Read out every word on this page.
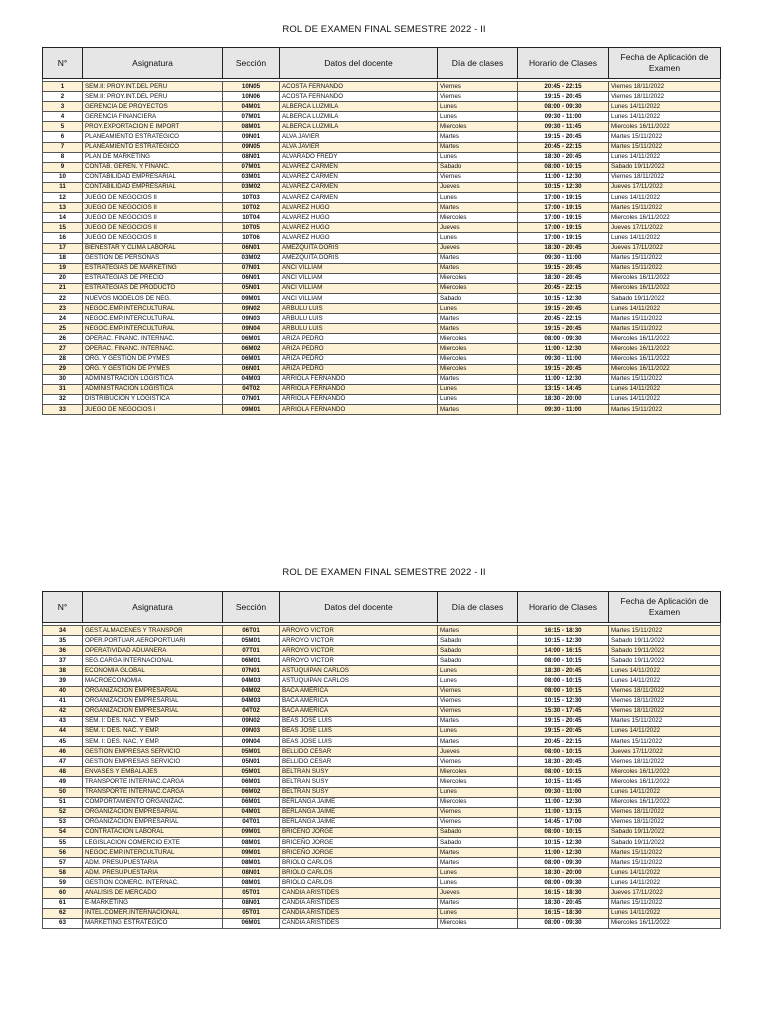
ROL DE EXAMEN FINAL SEMESTRE 2022 - II
N°	Asignatura	Sección	Datos del docente	Día de clases	Horario de Clases	Fecha de Aplicación de Examen

1	SEM.II: PROY.INT.DEL PERU	10N05	ACOSTA FERNANDO	Viernes	20:45 - 22:15	Viernes 18/11/2022
2	SEM.II: PROY.INT.DEL PERU	10N06	ACOSTA FERNANDO	Viernes	19:15 - 20:45	Viernes 18/11/2022
3	GERENCIA DE PROYECTOS	04M01	ALBERCA LUZMILA	Lunes	08:00 - 09:30	Lunes 14/11/2022
4	GERENCIA FINANCIERA	07M01	ALBERCA LUZMILA	Lunes	09:30 - 11:00	Lunes 14/11/2022
5	PROY.EXPORTACION E IMPORT	08M01	ALBERCA LUZMILA	Miercoles	09:30 - 11:45	Miercoles 16/11/2022
6	PLANEAMIENTO ESTRATEGICO	09N01	ALVA JAVIER	Martes	19:15 - 20:45	Martes 15/11/2022
7	PLANEAMIENTO ESTRATEGICO	09N05	ALVA JAVIER	Martes	20:45 - 22:15	Martes 15/11/2022
8	PLAN DE MARKETING	08N01	ALVARADO FREDY	Lunes	18:30 - 20:45	Lunes 14/11/2022
9	CONTAB. GEREN. Y FINANC.	07M01	ALVAREZ CARMEN	Sabado	08:00 - 10:15	Sabado 19/11/2022
10	CONTABILIDAD EMPRESARIAL	03M01	ALVAREZ CARMEN	Viernes	11:00 - 12:30	Viernes 18/11/2022
11	CONTABILIDAD EMPRESARIAL	03M02	ALVAREZ CARMEN	Jueves	10:15 - 12:30	Jueves 17/11/2022
12	JUEGO DE NEGOCIOS II	10T03	ALVAREZ CARMEN	Lunes	17:00 - 19:15	Lunes 14/11/2022
13	JUEGO DE NEGOCIOS II	10T02	ALVAREZ HUGO	Martes	17:00 - 19:15	Martes 15/11/2022
14	JUEGO DE NEGOCIOS II	10T04	ALVAREZ HUGO	Miercoles	17:00 - 19:15	Miercoles 16/11/2022
15	JUEGO DE NEGOCIOS II	10T05	ALVAREZ HUGO	Jueves	17:00 - 19:15	Jueves 17/11/2022
16	JUEGO DE NEGOCIOS II	10T06	ALVAREZ HUGO	Lunes	17:00 - 19:15	Lunes 14/11/2022
17	BIENESTAR Y CLIMA LABORAL	06N01	AMEZQUITA DORIS	Jueves	18:30 - 20:45	Jueves 17/11/2022
18	GESTION DE PERSONAS	03M02	AMEZQUITA DORIS	Martes	09:30 - 11:00	Martes 15/11/2022
19	ESTRATEGIAS DE MARKETING	07N01	ANCI VILLIAM	Martes	19:15 - 20:45	Martes 15/11/2022
20	ESTRATEGIAS DE PRECIO	06N01	ANCI VILLIAM	Miercoles	18:30 - 20:45	Miercoles 16/11/2022
21	ESTRATEGIAS DE PRODUCTO	05N01	ANCI VILLIAM	Miercoles	20:45 - 22:15	Miercoles 16/11/2022
22	NUEVOS MODELOS DE NEG.	09M01	ANCI VILLIAM	Sabado	10:15 - 12:30	Sabado 19/11/2022
23	NEGOC.EMP.INTERCULTURAL	09N02	ARBULU LUIS	Lunes	19:15 - 20:45	Lunes 14/11/2022
24	NEGOC.EMP.INTERCULTURAL	09N03	ARBULU LUIS	Martes	20:45 - 22:15	Martes 15/11/2022
25	NEGOC.EMP.INTERCULTURAL	09N04	ARBULU LUIS	Martes	19:15 - 20:45	Martes 15/11/2022
26	OPERAC. FINANC. INTERNAC.	06M01	ARIZA PEDRO	Miercoles	08:00 - 09:30	Miercoles 16/11/2022
27	OPERAC. FINANC. INTERNAC.	06M02	ARIZA PEDRO	Miercoles	11:00 - 12:30	Miercoles 16/11/2022
28	ORG. Y GESTION DE PYMES	06M01	ARIZA PEDRO	Miercoles	09:30 - 11:00	Miercoles 16/11/2022
29	ORG. Y GESTION DE PYMES	06N01	ARIZA PEDRO	Miercoles	19:15 - 20:45	Miercoles 16/11/2022
30	ADMINISTRACION LOGISTICA	04M03	ARRIOLA FERNANDO	Martes	11:00 - 12:30	Martes 15/11/2022
31	ADMINISTRACION LOGISTICA	04T02	ARRIOLA FERNANDO	Lunes	13:15 - 14:45	Lunes 14/11/2022
32	DISTRIBUCION Y LOGISTICA	07N01	ARRIOLA FERNANDO	Lunes	18:30 - 20:00	Lunes 14/11/2022
33	JUEGO DE NEGOCIOS I	09M01	ARRIOLA FERNANDO	Martes	09:30 - 11:00	Martes 15/11/2022
ROL DE EXAMEN FINAL SEMESTRE 2022 - II
N°	Asignatura	Sección	Datos del docente	Día de clases	Horario de Clases	Fecha de Aplicación de Examen

34	GEST.ALMACENES Y TRANSPOR	06T01	ARROYO VICTOR	Martes	16:15 - 18:30	Martes 15/11/2022
35	OPER.PORTUAR.AEROPORTUARI	05M01	ARROYO VICTOR	Sabado	10:15 - 12:30	Sabado 19/11/2022
36	OPERATIVIDAD ADUANERA	07T01	ARROYO VICTOR	Sabado	14:00 - 16:15	Sabado 19/11/2022
37	SEG.CARGA INTERNACIONAL	06M01	ARROYO VICTOR	Sabado	08:00 - 10:15	Sabado 19/11/2022
38	ECONOMIA GLOBAL	07N01	ASTUQUIPAN CARLOS	Lunes	18:30 - 20:45	Lunes 14/11/2022
39	MACROECONOMIA	04M03	ASTUQUIPAN CARLOS	Lunes	08:00 - 10:15	Lunes 14/11/2022
40	ORGANIZACION EMPRESARIAL	04M02	BACA AMERICA	Viernes	08:00 - 10:15	Viernes 18/11/2022
41	ORGANIZACION EMPRESARIAL	04M03	BACA AMERICA	Viernes	10:15 - 12:30	Viernes 18/11/2022
42	ORGANIZACION EMPRESARIAL	04T02	BACA AMERICA	Viernes	15:30 - 17:45	Viernes 18/11/2022
43	SEM. I: DES. NAC. Y EMP.	09N02	BEAS JOSE LUIS	Martes	19:15 - 20:45	Martes 15/11/2022
44	SEM. I: DES. NAC. Y EMP.	09N03	BEAS JOSE LUIS	Lunes	19:15 - 20:45	Lunes 14/11/2022
45	SEM. I: DES. NAC. Y EMP.	09N04	BEAS JOSE LUIS	Martes	20:45 - 22:15	Martes 15/11/2022
46	GESTION EMPRESAS SERVICIO	05M01	BELLIDO CESAR	Jueves	08:00 - 10:15	Jueves 17/11/2022
47	GESTION EMPRESAS SERVICIO	05N01	BELLIDO CESAR	Viernes	18:30 - 20:45	Viernes 18/11/2022
48	ENVASES Y EMBALAJES	05M01	BELTRAN SUSY	Miercoles	08:00 - 10:15	Miercoles 16/11/2022
49	TRANSPORTE INTERNAC.CARGA	06M01	BELTRAN SUSY	Miercoles	10:15 - 11:45	Miercoles 16/11/2022
50	TRANSPORTE INTERNAC.CARGA	06M02	BELTRAN SUSY	Lunes	09:30 - 11:00	Lunes 14/11/2022
51	COMPORTAMIENTO ORGANIZAC.	06M01	BERLANGA JAIME	Miercoles	11:00 - 12:30	Miercoles 16/11/2022
52	ORGANIZACION EMPRESARIAL	04M01	BERLANGA JAIME	Viernes	11:00 - 13:15	Viernes 18/11/2022
53	ORGANIZACION EMPRESARIAL	04T01	BERLANGA JAIME	Viernes	14:45 - 17:00	Viernes 18/11/2022
54	CONTRATACION LABORAL	09M01	BRICEÑO JORGE	Sabado	08:00 - 10:15	Sabado 19/11/2022
55	LEGISLACION COMERCIO EXTE	08M01	BRICEÑO JORGE	Sabado	10:15 - 12:30	Sabado 19/11/2022
56	NEGOC.EMP.INTERCULTURAL	09M01	BRICEÑO JORGE	Martes	11:00 - 12:30	Martes 15/11/2022
57	ADM. PRESUPUESTARIA	08M01	BRIOLO CARLOS	Martes	08:00 - 09:30	Martes 15/11/2022
58	ADM. PRESUPUESTARIA	08N01	BRIOLO CARLOS	Lunes	18:30 - 20:00	Lunes 14/11/2022
59	GESTION COMERC. INTERNAC.	08M01	BRIOLO CARLOS	Lunes	08:00 - 09:30	Lunes 14/11/2022
60	ANALISIS DE MERCADO	05T01	CANDIA ARISTIDES	Jueves	16:15 - 18:30	Jueves 17/11/2022
61	E-MARKETING	08N01	CANDIA ARISTIDES	Martes	18:30 - 20:45	Martes 15/11/2022
62	INTEL.COMER.INTERNACIONAL	05T01	CANDIA ARISTIDES	Lunes	16:15 - 18:30	Lunes 14/11/2022
63	MARKETING ESTRATEGICO	06M01	CANDIA ARISTIDES	Miercoles	08:00 - 09:30	Miercoles 16/11/2022
